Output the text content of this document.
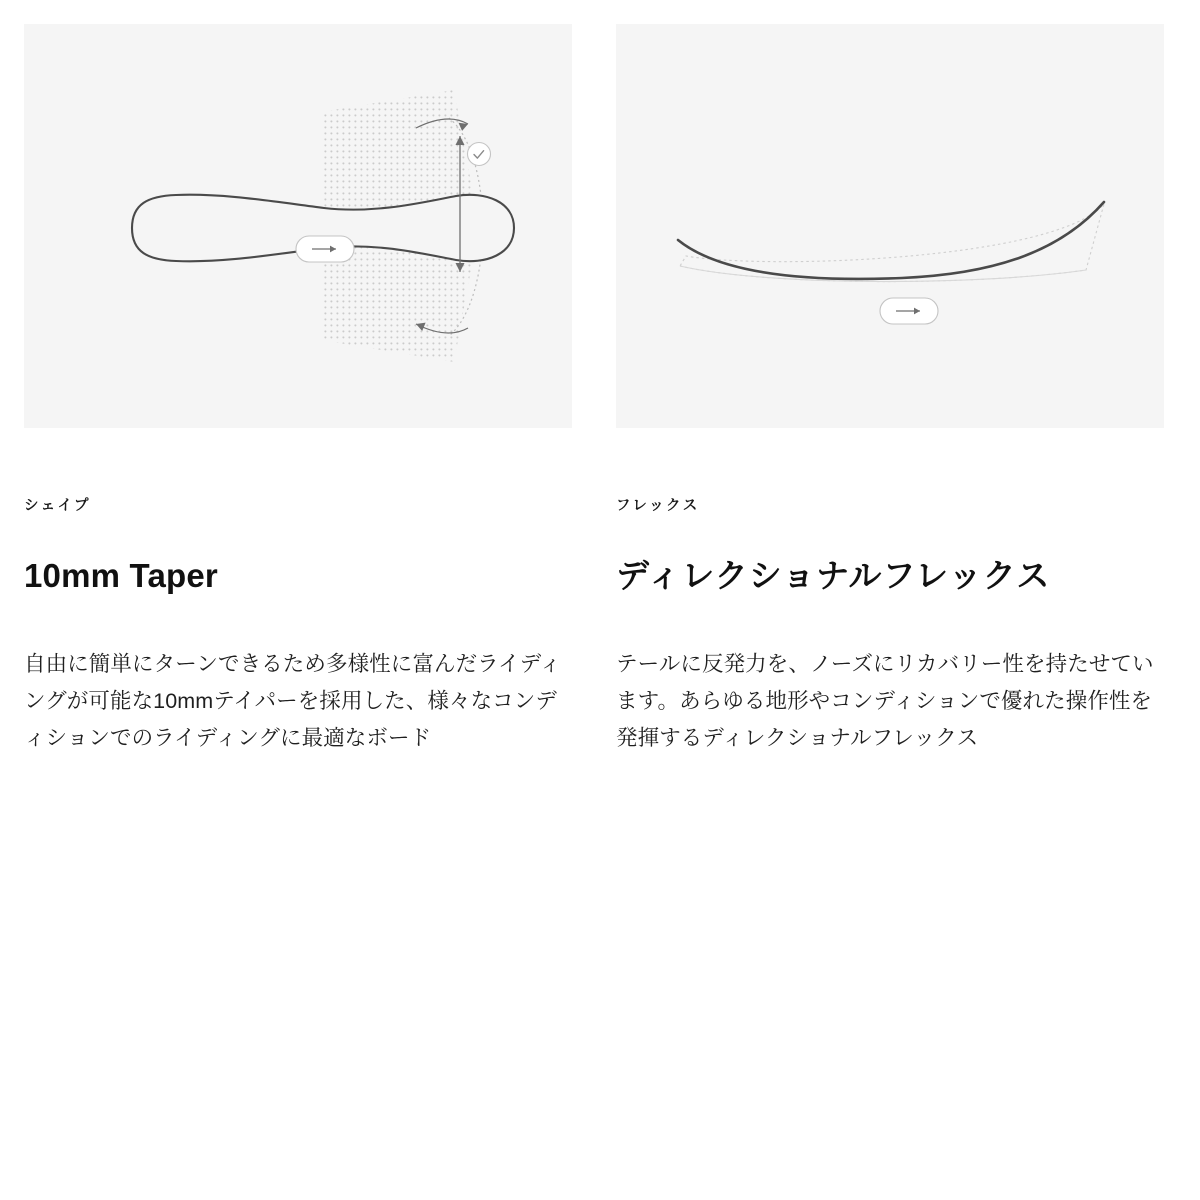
シェイプ
10mm Taper

自由に簡単にターンできるため多様性に富んだライディングが可能な10mmテイパーを採用した、様々なコンディションでのライディングに最適なボード

フレックス
ディレクショナルフレックス

テールに反発力を、ノーズにリカバリー性を持たせています。あらゆる地形やコンディションで優れた操作性を発揮するディレクショナルフレックス
